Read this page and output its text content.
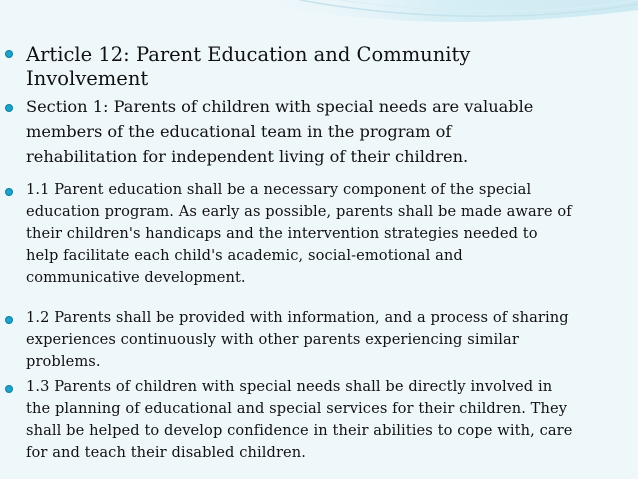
Article 12: Parent Education and Community
Involvement
Section 1: Parents of children with special needs are valuable
members of the educational team in the program of
rehabilitation for independent living of their children.
1.1 Parent education shall be a necessary component of the special
education program. As early as possible, parents shall be made aware of
their children's handicaps and the intervention strategies needed to
help facilitate each child's academic, social-emotional and
communicative development.
1.2 Parents shall be provided with information, and a process of sharing
experiences continuously with other parents experiencing similar
problems.
1.3 Parents of children with special needs shall be directly involved in
the planning of educational and special services for their children. They
shall be helped to develop confidence in their abilities to cope with, care
for and teach their disabled children.
